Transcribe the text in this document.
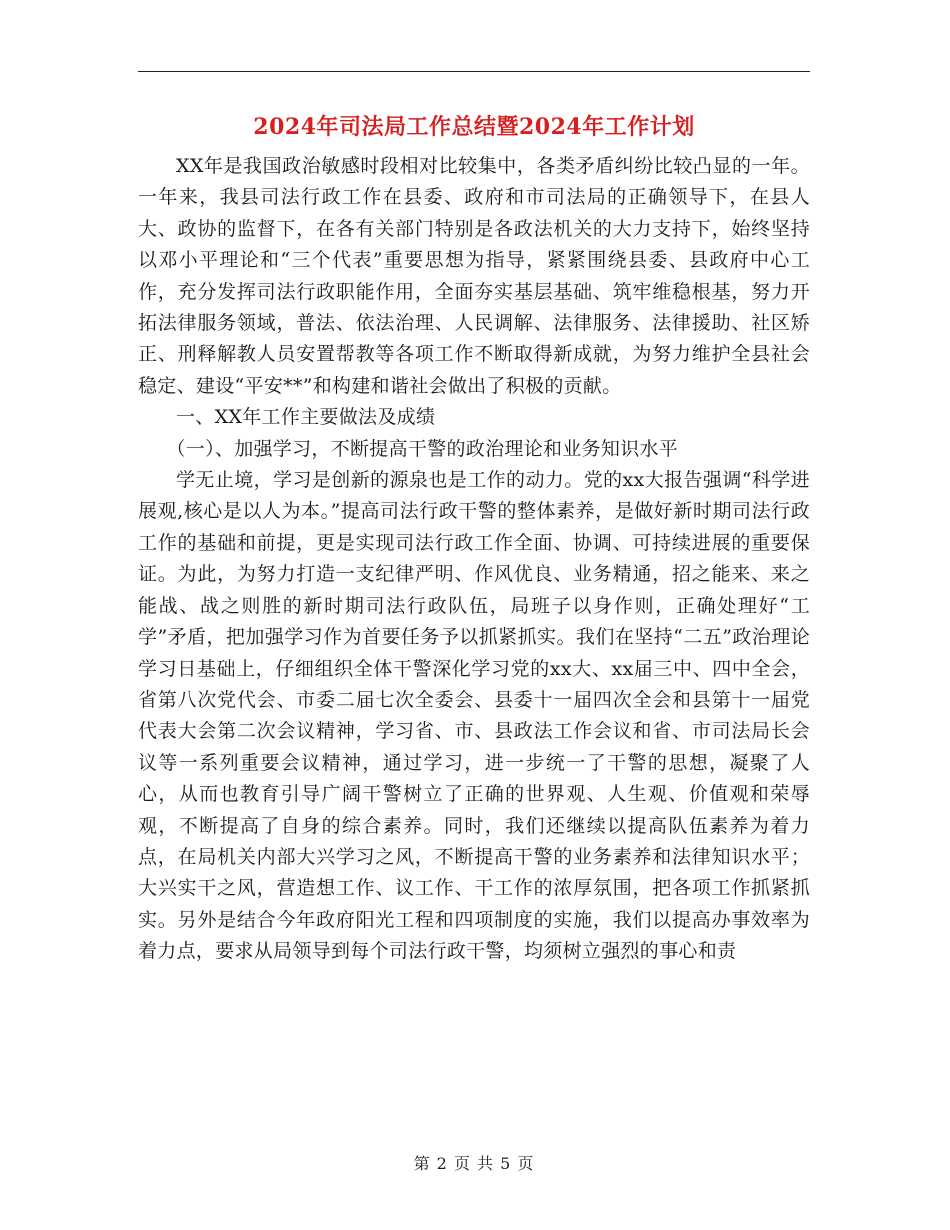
2024年司法局工作总结暨2024年工作计划

XX年是我国政治敏感时段相对比较集中，各类矛盾纠纷比较凸显的一年。一年来，我县司法行政工作在县委、政府和市司法局的正确领导下，在县人大、政协的监督下，在各有关部门特别是各政法机关的大力支持下，始终坚持以邓小平理论和“三个代表”重要思想为指导，紧紧围绕县委、县政府中心工作，充分发挥司法行政职能作用，全面夯实基层基础、筑牢维稳根基，努力开拓法律服务领域，普法、依法治理、人民调解、法律服务、法律援助、社区矫正、刑释解教人员安置帮教等各项工作不断取得新成就，为努力维护全县社会稳定、建设“平安**”和构建和谐社会做出了积极的贡献。

一、XX年工作主要做法及成绩

（一）、加强学习，不断提高干警的政治理论和业务知识水平

学无止境，学习是创新的源泉也是工作的动力。党的xx大报告强调“科学进展观,核心是以人为本。”提高司法行政干警的整体素养，是做好新时期司法行政工作的基础和前提，更是实现司法行政工作全面、协调、可持续进展的重要保证。为此，为努力打造一支纪律严明、作风优良、业务精通，招之能来、来之能战、战之则胜的新时期司法行政队伍，局班子以身作则，正确处理好“工学”矛盾，把加强学习作为首要任务予以抓紧抓实。我们在坚持“二五”政治理论学习日基础上，仔细组织全体干警深化学习党的xx大、xx届三中、四中全会，省第八次党代会、市委二届七次全委会、县委十一届四次全会和县第十一届党代表大会第二次会议精神，学习省、市、县政法工作会议和省、市司法局长会议等一系列重要会议精神，通过学习，进一步统一了干警的思想，凝聚了人心，从而也教育引导广阔干警树立了正确的世界观、人生观、价值观和荣辱观，不断提高了自身的综合素养。同时，我们还继续以提高队伍素养为着力点，在局机关内部大兴学习之风，不断提高干警的业务素养和法律知识水平；大兴实干之风，营造想工作、议工作、干工作的浓厚氛围，把各项工作抓紧抓实。另外是结合今年政府阳光工程和四项制度的实施，我们以提高办事效率为着力点，要求从局领导到每个司法行政干警，均须树立强烈的事心和责

第 2 页 共 5 页
